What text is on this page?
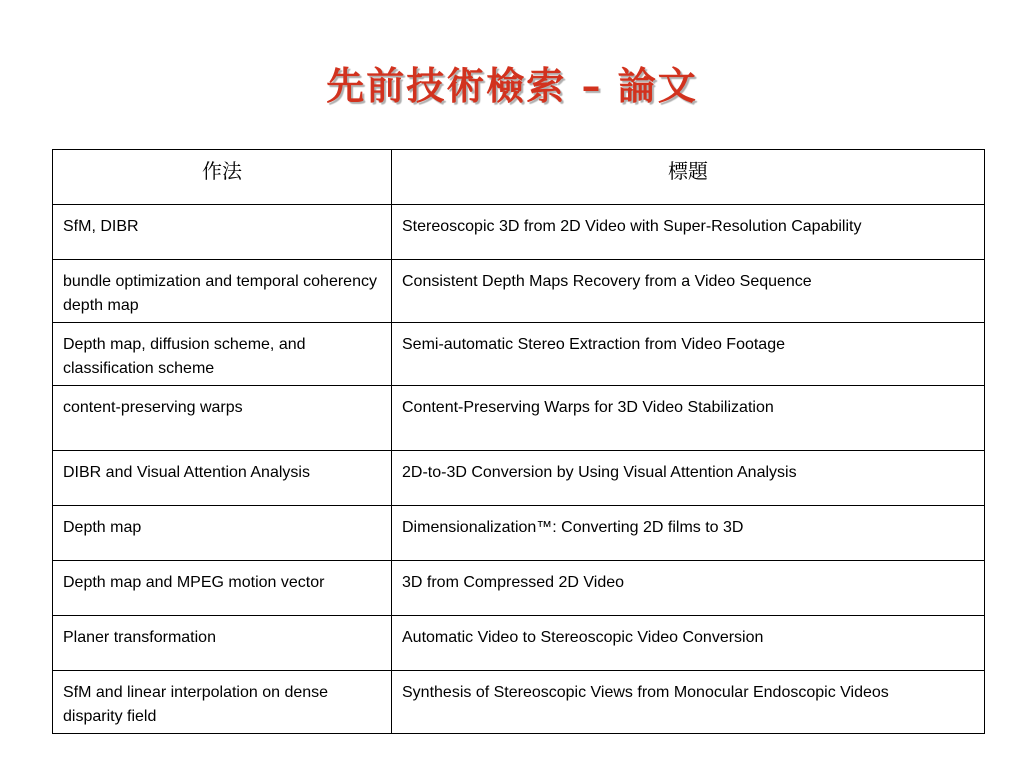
先前技術檢索 – 論文
作法	標題
SfM, DIBR	Stereoscopic 3D from 2D Video with Super-Resolution Capability
bundle optimization and temporal coherency depth map	Consistent Depth Maps Recovery from a Video Sequence
Depth map, diffusion scheme, and classification scheme	Semi-automatic Stereo Extraction from Video Footage
content-preserving warps	Content-Preserving Warps for 3D Video Stabilization
DIBR and Visual Attention Analysis	2D-to-3D Conversion by Using Visual Attention Analysis
Depth map	Dimensionalization™: Converting 2D films to 3D
Depth map and MPEG motion vector	3D from Compressed 2D Video
Planer transformation	Automatic Video to Stereoscopic Video Conversion
SfM and linear interpolation on dense disparity field	Synthesis of Stereoscopic Views from Monocular Endoscopic Videos
